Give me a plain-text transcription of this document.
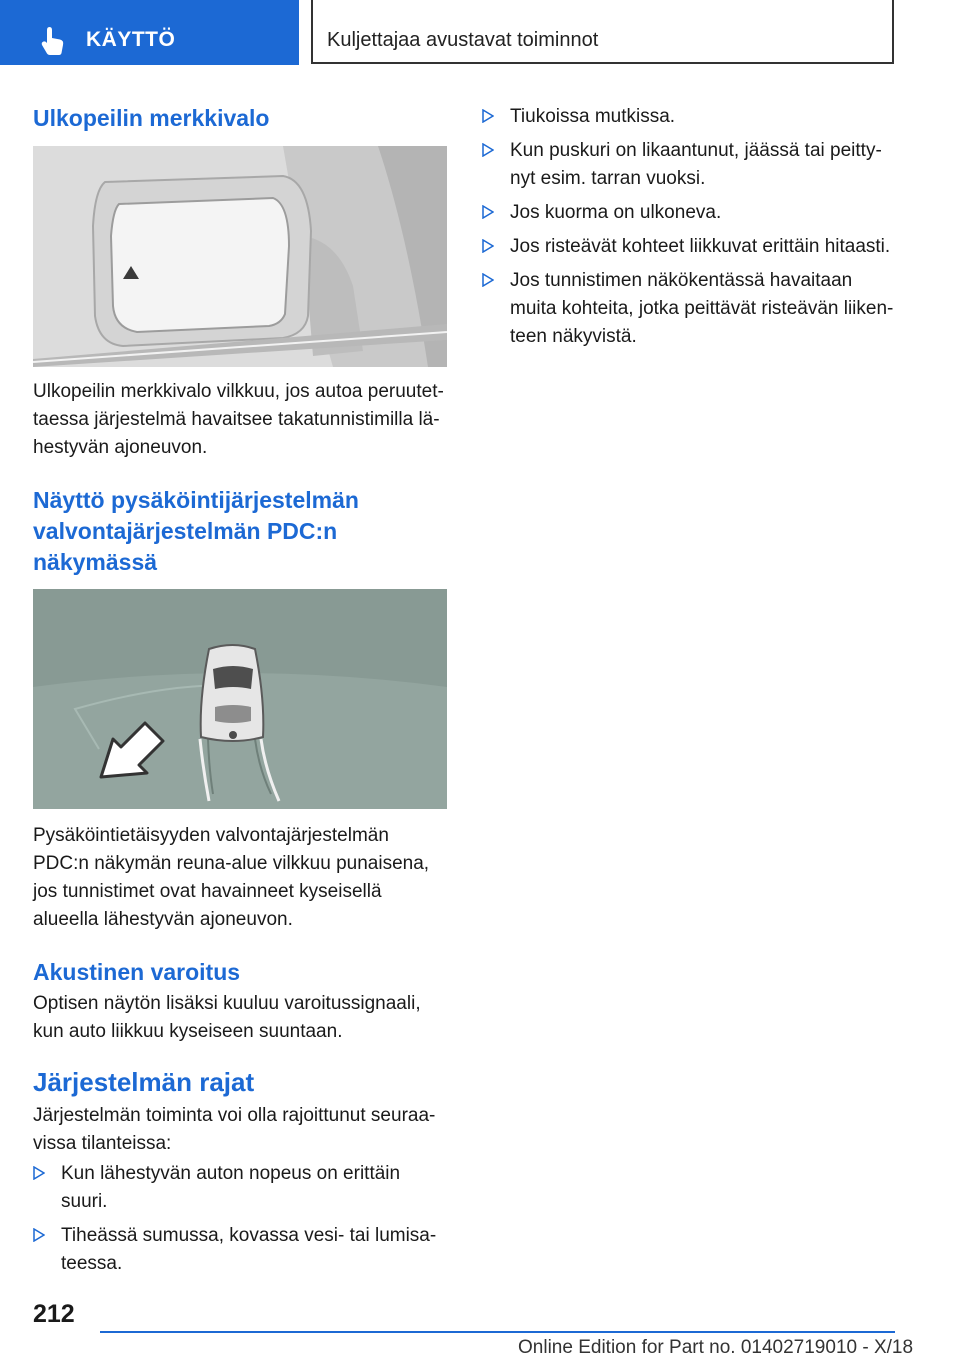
KÄYTTÖ	Kuljettajaa avustavat toiminnot
Ulkopeilin merkkivalo

Ulkopeilin merkkivalo vilkkuu, jos autoa peruutettaessa järjestelmä havaitsee takatunnistimilla lähestyvän ajoneuvon.

Näyttö pysäköintijärjestelmän valvontajärjestelmän PDC:n näkymässä

Pysäköintietäisyyden valvontajärjestelmän PDC:n näkymän reuna-alue vilkkuu punaisena, jos tunnistimet ovat havainneet kyseisellä alueella lähestyvän ajoneuvon.

Akustinen varoitus

Optisen näytön lisäksi kuuluu varoitussignaali, kun auto liikkuu kyseiseen suuntaan.

Järjestelmän rajat

Järjestelmän toiminta voi olla rajoittunut seuraavissa tilanteissa:

Kun lähestyvän auton nopeus on erittäin suuri.
Tiheässä sumussa, kovassa vesi- tai lumisateessa.
Tiukoissa mutkissa.
Kun puskuri on likaantunut, jäässä tai peittynyt esim. tarran vuoksi.
Jos kuorma on ulkoneva.
Jos risteävät kohteet liikkuvat erittäin hitaasti.
Jos tunnistimen näkökentässä havaitaan muita kohteita, jotka peittävät risteävän liikenteen näkyvistä.
212
Online Edition for Part no. 01402719010 - X/18
